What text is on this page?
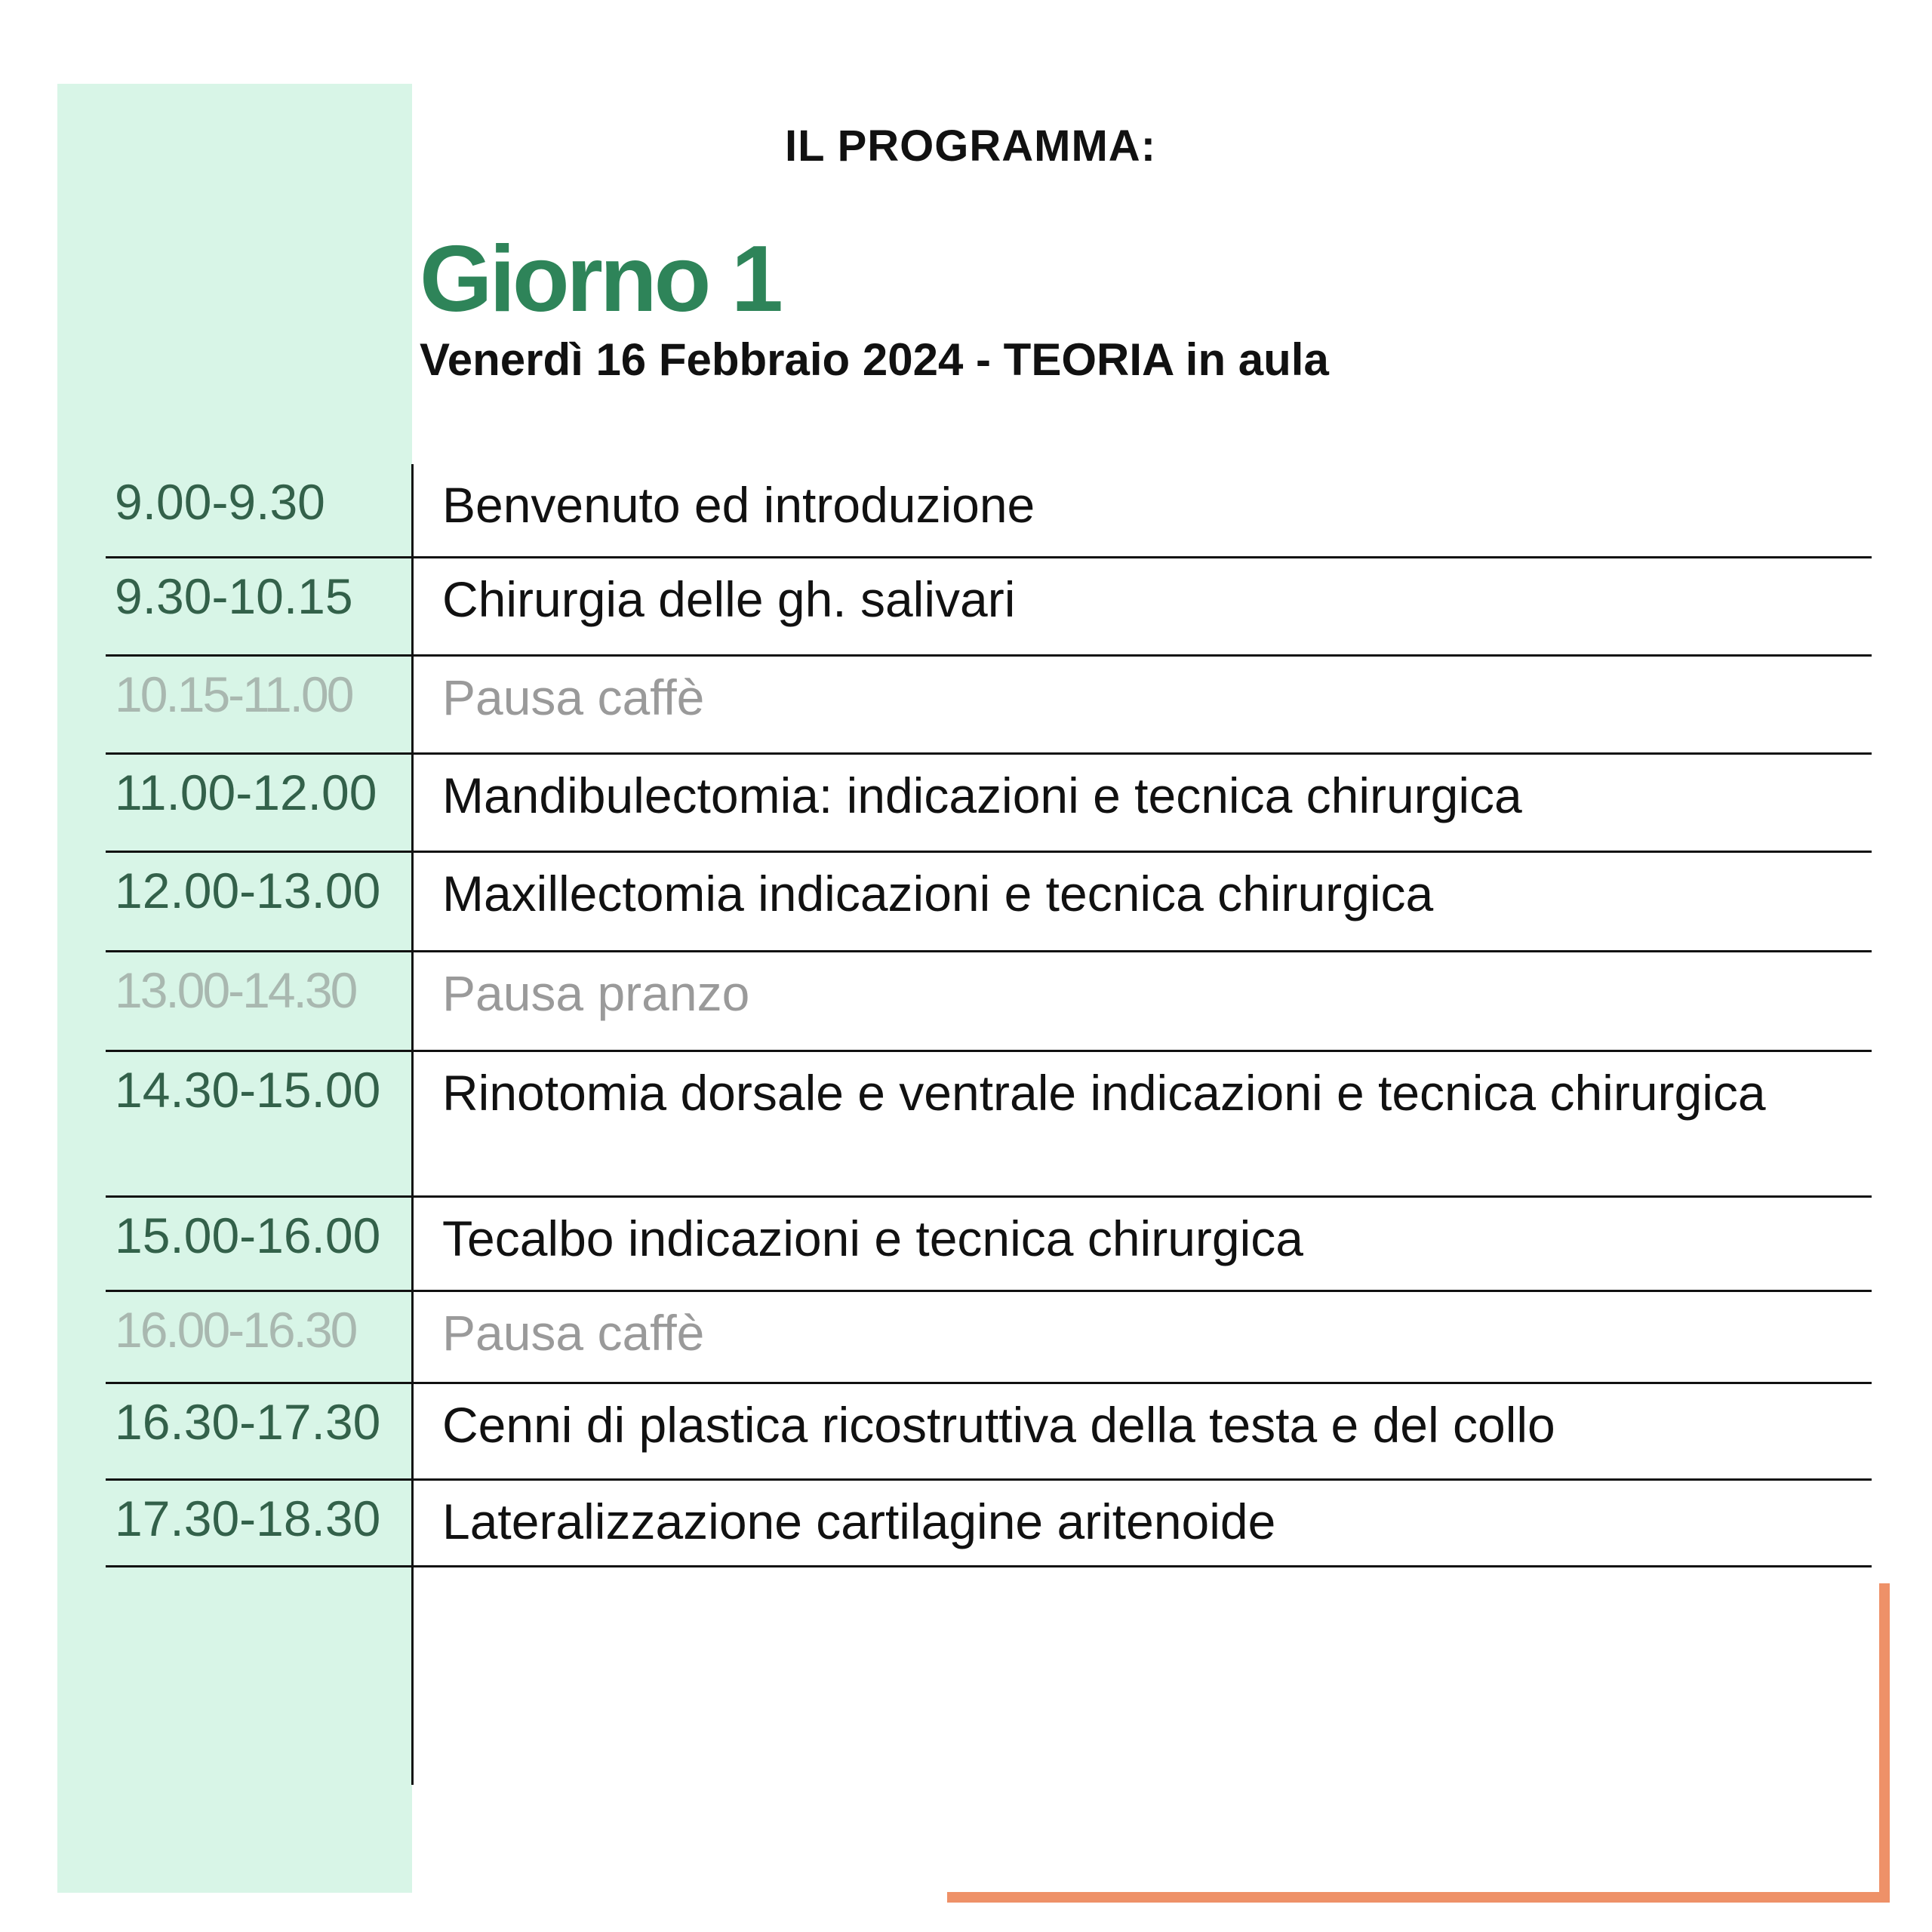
IL PROGRAMMA:
Giorno 1
Venerdì 16 Febbraio 2024 - TEORIA in aula
9.00-9.30 Benvenuto ed introduzione
9.30-10.15 Chirurgia delle gh. salivari
10.15-11.00 Pausa caffè
11.00-12.00 Mandibulectomia: indicazioni e tecnica chirurgica
12.00-13.00 Maxillectomia indicazioni e tecnica chirurgica
13.00-14.30 Pausa pranzo
14.30-15.00 Rinotomia dorsale e ventrale indicazioni e tecnica chirurgica
15.00-16.00 Tecalbo indicazioni e tecnica chirurgica
16.00-16.30 Pausa caffè
16.30-17.30 Cenni di plastica ricostruttiva della testa e del collo
17.30-18.30 Lateralizzazione cartilagine aritenoide
